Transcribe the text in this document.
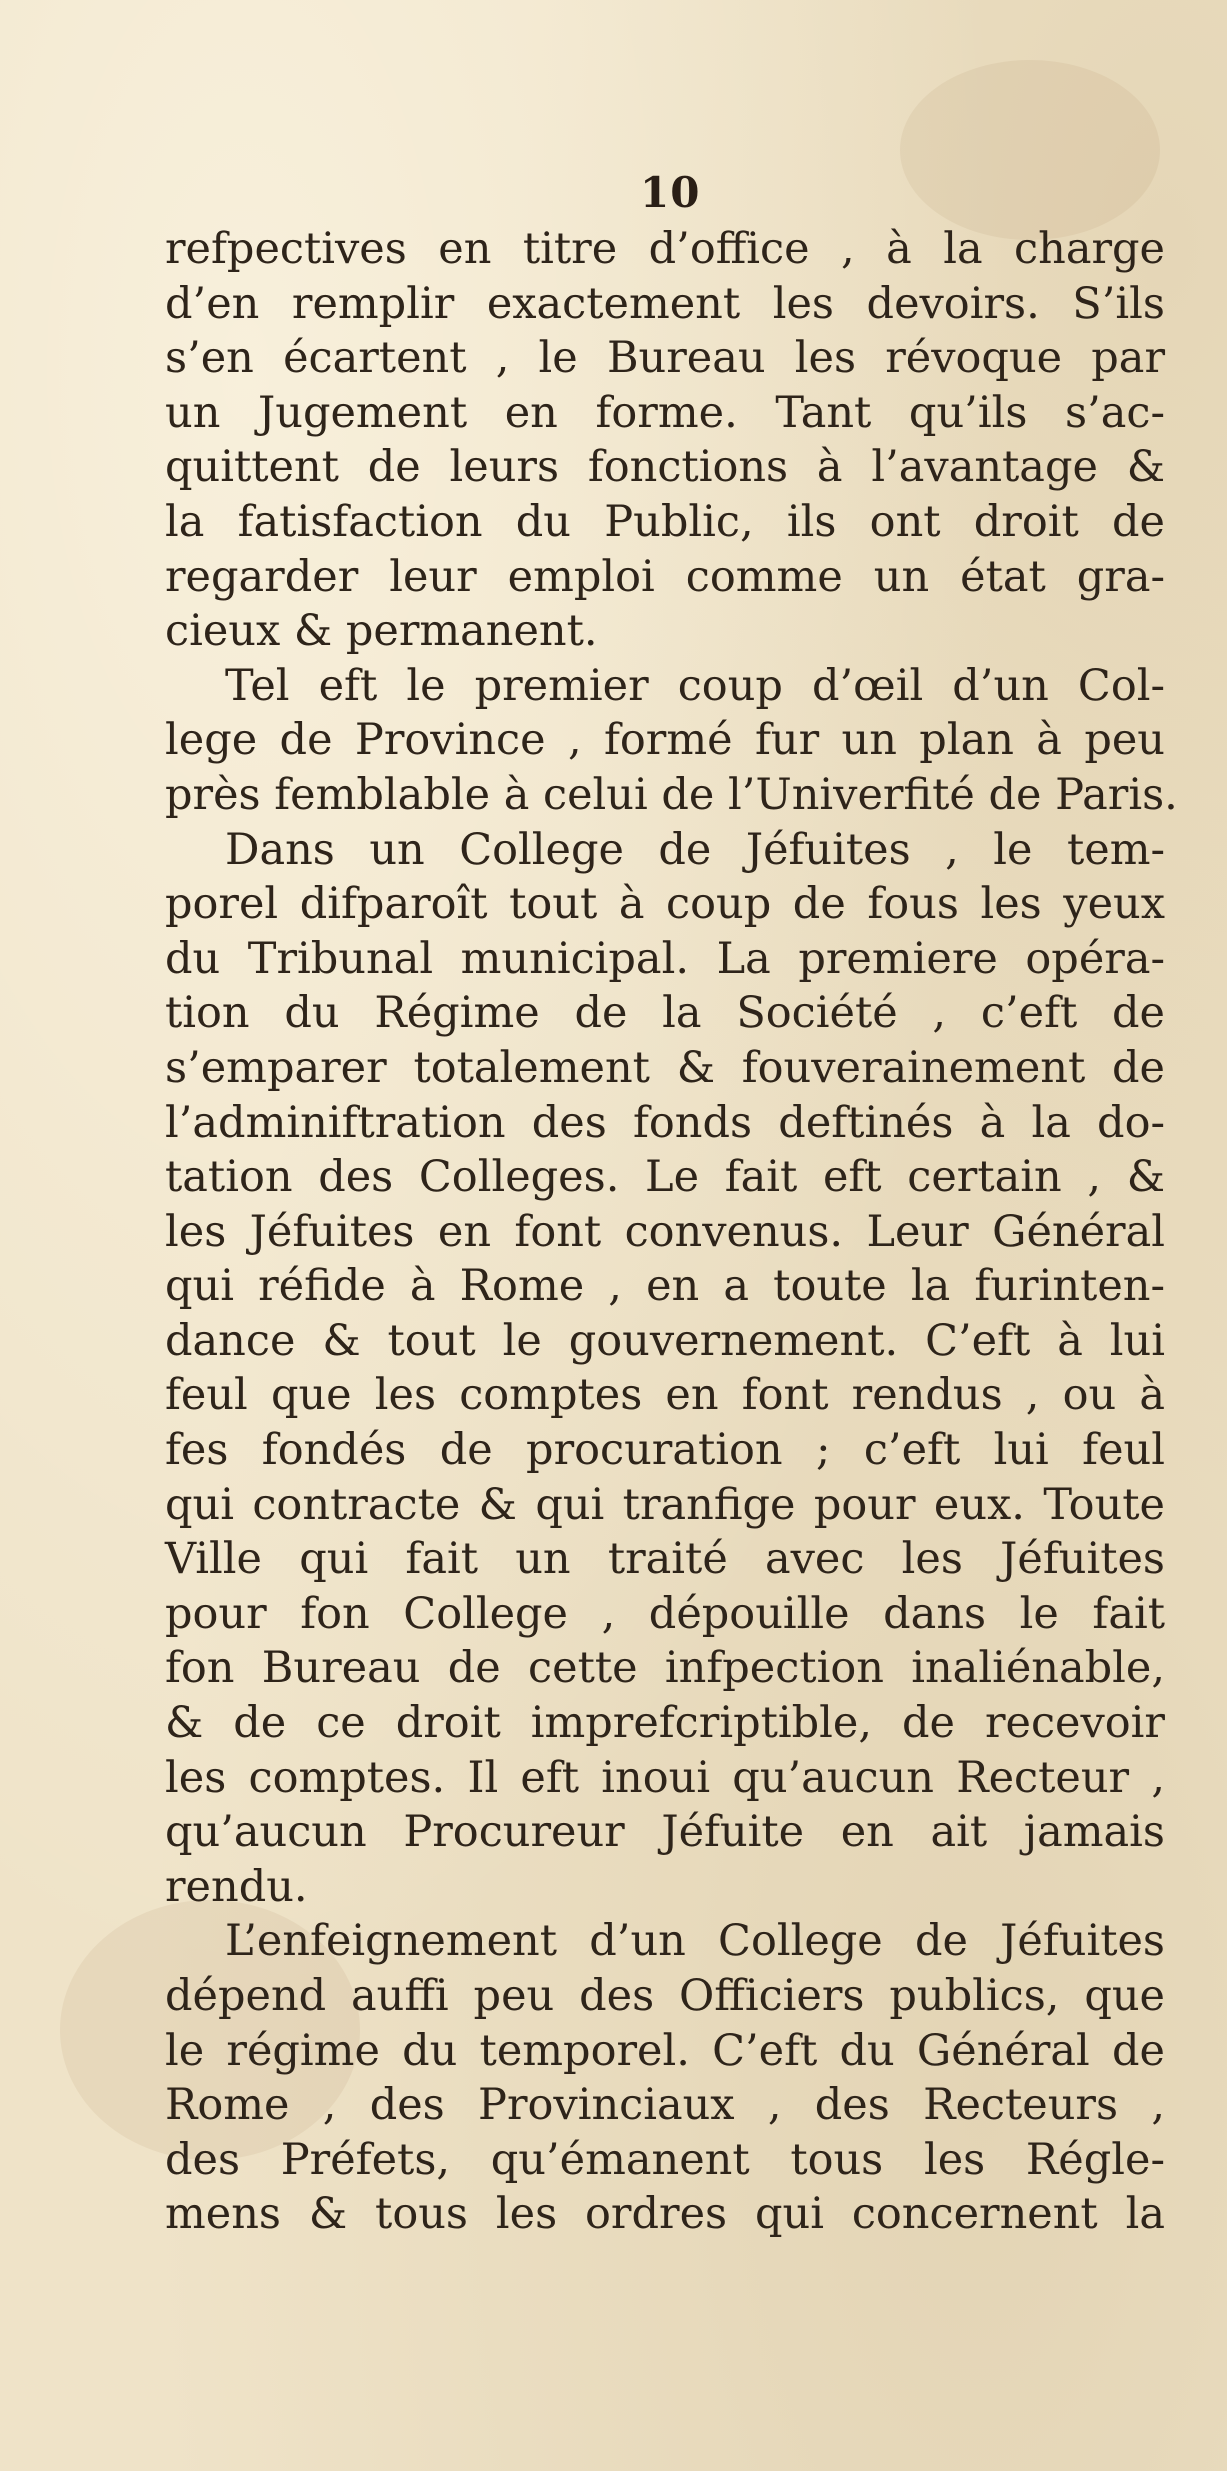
10
refpectives en titre d’office , à la charge
d’en remplir exactement les devoirs. S’ils
s’en écartent , le Bureau les révoque par
un Jugement en forme. Tant qu’ils s’ac-
quittent de leurs fonctions à l’avantage &
la fatisfaction du Public, ils ont droit de
regarder leur emploi comme un état gra-
cieux & permanent.
Tel eft le premier coup d’œil d’un Col-
lege de Province , formé fur un plan à peu
près femblable à celui de l’Univerfité de Paris.
Dans un College de Jéfuites , le tem-
porel difparoît tout à coup de fous les yeux
du Tribunal municipal. La premiere opéra-
tion du Régime de la Société , c’eft de
s’emparer totalement & fouverainement de
l’adminiftration des fonds deftinés à la do-
tation des Colleges. Le fait eft certain , &
les Jéfuites en font convenus. Leur Général
qui réfide à Rome , en a toute la furinten-
dance & tout le gouvernement. C’eft à lui
feul que les comptes en font rendus , ou à
fes fondés de procuration ; c’eft lui feul
qui contracte & qui tranfige pour eux. Toute
Ville qui fait un traité avec les Jéfuites
pour fon College , dépouille dans le fait
fon Bureau de cette infpection inaliénable,
& de ce droit imprefcriptible, de recevoir
les comptes. Il eft inoui qu’aucun Recteur ,
qu’aucun Procureur Jéfuite en ait jamais
rendu.
L’enfeignement d’un College de Jéfuites
dépend auffi peu des Officiers publics, que
le régime du temporel. C’eft du Général de
Rome , des Provinciaux , des Recteurs ,
des Préfets, qu’émanent tous les Régle-
mens & tous les ordres qui concernent la
